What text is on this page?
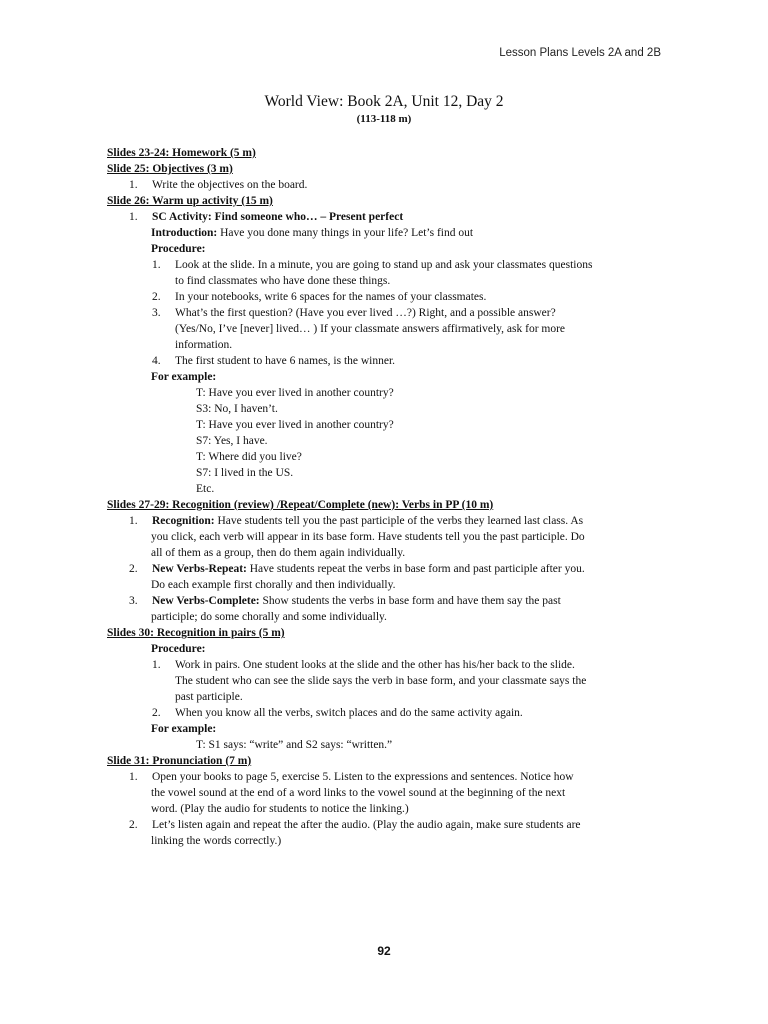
Lesson Plans Levels 2A and 2B
World View: Book 2A, Unit 12, Day 2
(113-118 m)
Slides 23-24: Homework (5 m)
Slide 25: Objectives (3 m)
1. Write the objectives on the board.
Slide 26: Warm up activity (15 m)
1. SC Activity: Find someone who… – Present perfect
Introduction: Have you done many things in your life? Let’s find out
Procedure:
1. Look at the slide. In a minute, you are going to stand up and ask your classmates questions
to find classmates who have done these things.
2. In your notebooks, write 6 spaces for the names of your classmates.
3. What’s the first question? (Have you ever lived …?) Right, and a possible answer?
(Yes/No, I’ve [never] lived… ) If your classmate answers affirmatively, ask for more
information.
4. The first student to have 6 names, is the winner.
For example:
T: Have you ever lived in another country?
S3: No, I haven’t.
T: Have you ever lived in another country?
S7: Yes, I have.
T: Where did you live?
S7: I lived in the US.
Etc.
Slides 27-29: Recognition (review) /Repeat/Complete (new): Verbs in PP (10 m)
1. Recognition: Have students tell you the past participle of the verbs they learned last class. As
you click, each verb will appear in its base form. Have students tell you the past participle. Do
all of them as a group, then do them again individually.
2. New Verbs-Repeat: Have students repeat the verbs in base form and past participle after you.
Do each example first chorally and then individually.
3. New Verbs-Complete: Show students the verbs in base form and have them say the past
participle; do some chorally and some individually.
Slides 30: Recognition in pairs (5 m)
Procedure:
1. Work in pairs. One student looks at the slide and the other has his/her back to the slide.
The student who can see the slide says the verb in base form, and your classmate says the
past participle.
2. When you know all the verbs, switch places and do the same activity again.
For example:
T: S1 says: “write” and S2 says: “written.”
Slide 31: Pronunciation (7 m)
1. Open your books to page 5, exercise 5. Listen to the expressions and sentences. Notice how
the vowel sound at the end of a word links to the vowel sound at the beginning of the next
word. (Play the audio for students to notice the linking.)
2. Let’s listen again and repeat the after the audio. (Play the audio again, make sure students are
linking the words correctly.)
92
